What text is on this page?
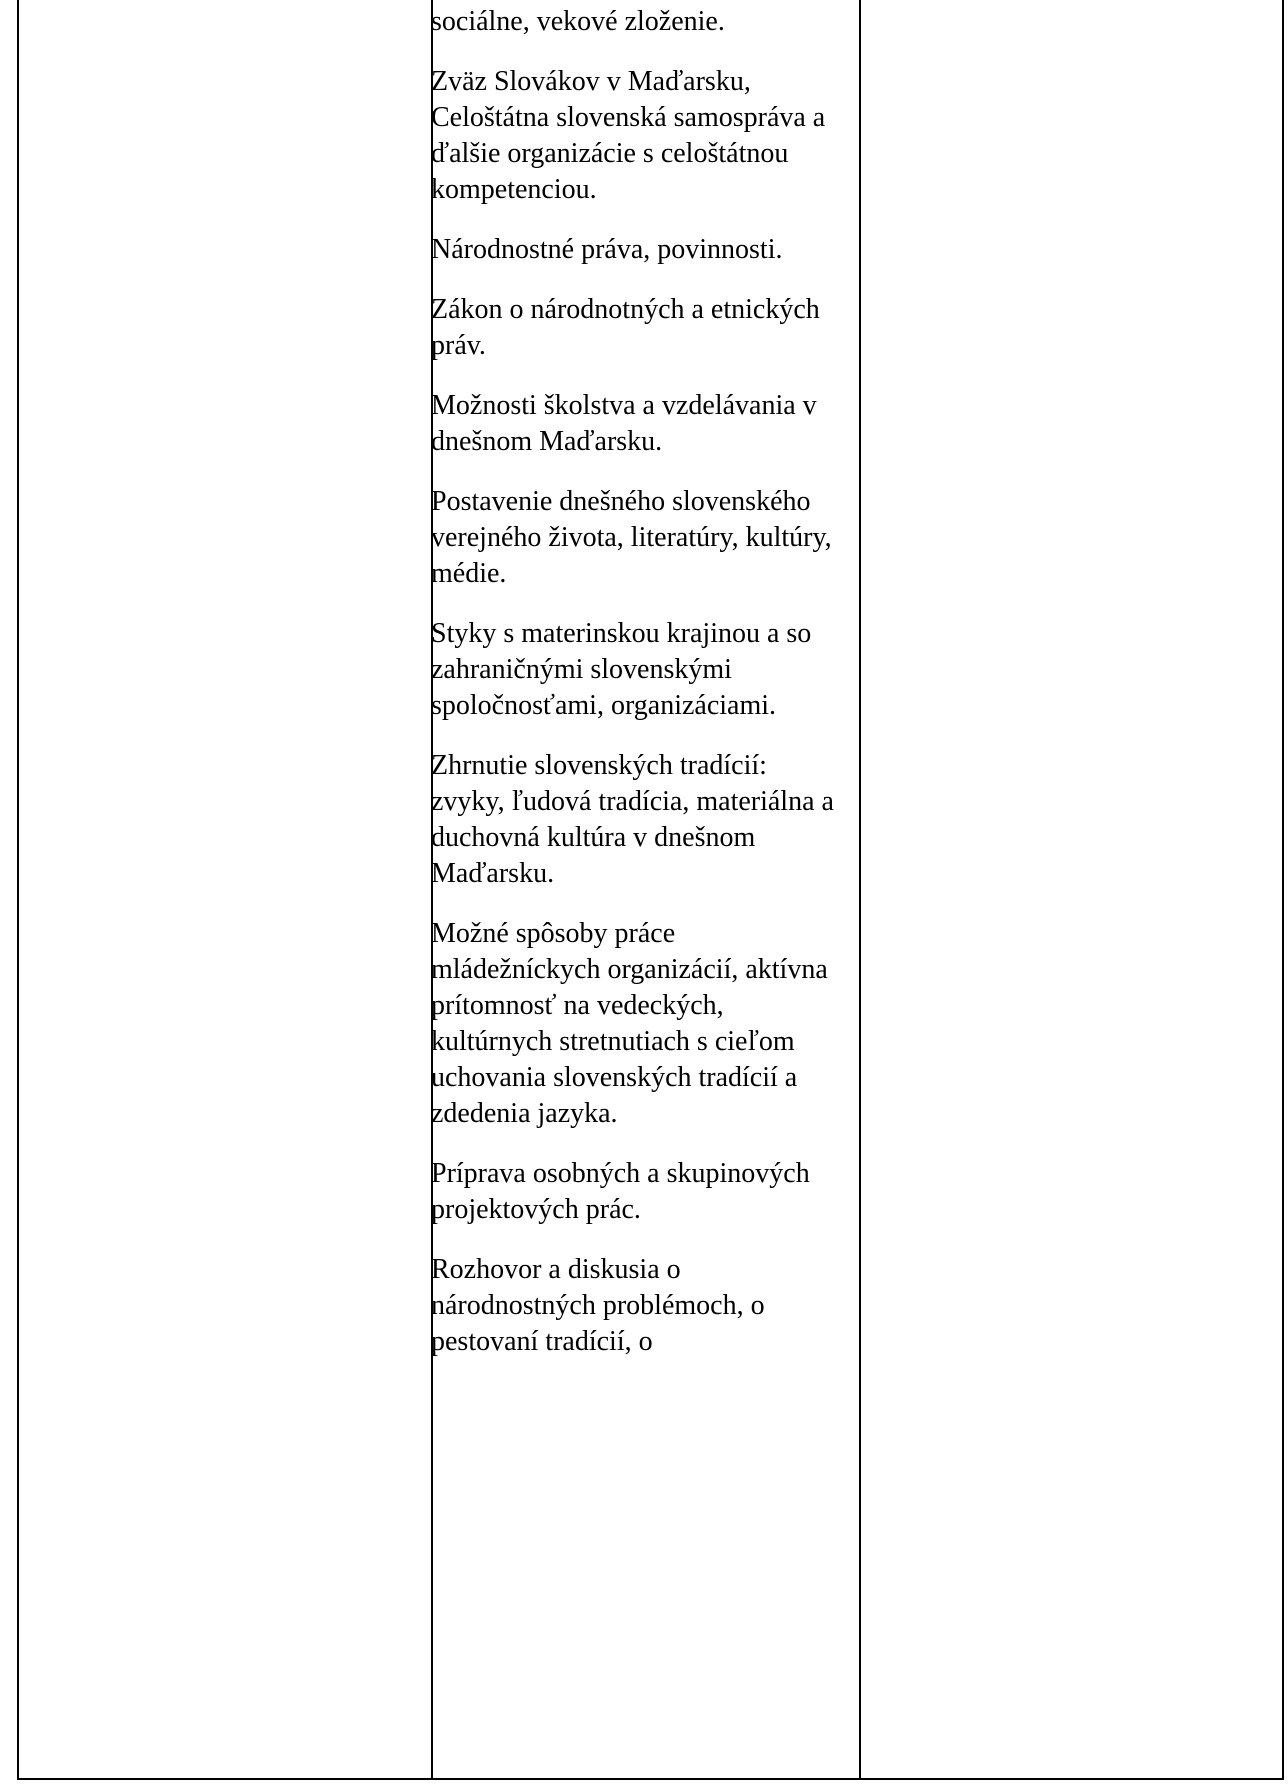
sociálne, vekové zloženie.

Zväz Slovákov v Maďarsku, Celoštátna slovenská samospráva a ďalšie organizácie s celoštátnou kompetenciou.

Národnostné práva, povinnosti.

Zákon o národnotných a etnických práv.

Možnosti školstva a vzdelávania v dnešnom Maďarsku.

Postavenie dnešného slovenského verejného života, literatúry, kultúry, médie.

Styky s materinskou krajinou a so zahraničnými slovenskými spoločnosťami, organizáciami.

Zhrnutie slovenských tradícií: zvyky, ľudová tradícia, materiálna a duchovná kultúra v dnešnom Maďarsku.

Možné spôsoby práce mládežníckych organizácií, aktívna prítomnosť na vedeckých, kultúrnych stretnutiach s cieľom uchovania slovenských tradícií a zdedenia jazyka.

Príprava osobných a skupinových projektových prác.

Rozhovor a diskusia o národnostných problémoch, o pestovaní tradícií, o
